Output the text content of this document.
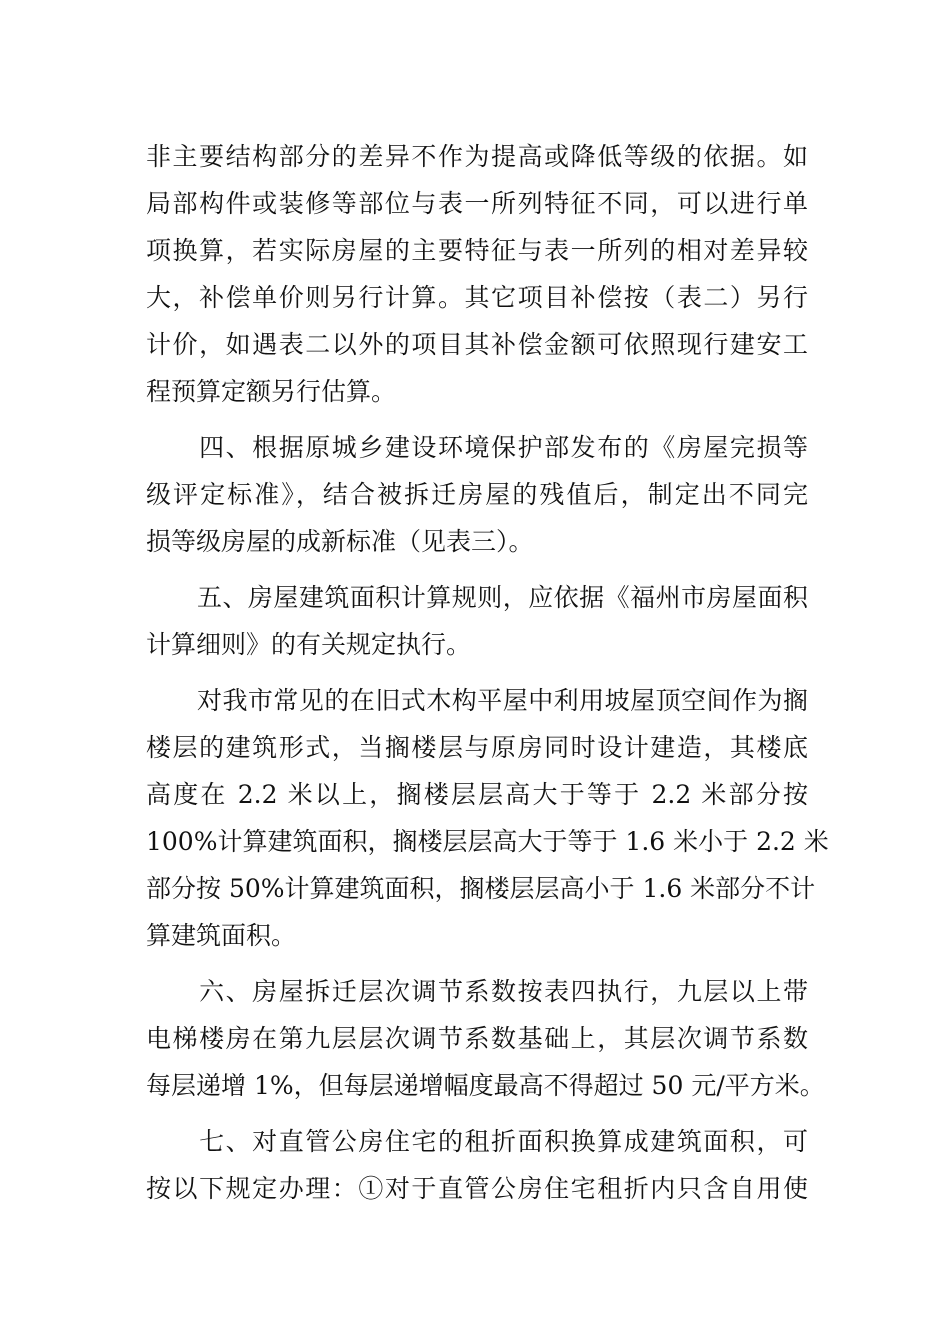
非主要结构部分的差异不作为提高或降低等级的依据。如
局部构件或装修等部位与表一所列特征不同，可以进行单
项换算，若实际房屋的主要特征与表一所列的相对差异较
大，补偿单价则另行计算。其它项目补偿按（表二）另行
计价，如遇表二以外的项目其补偿金额可依照现行建安工
程预算定额另行估算。
　　四、根据原城乡建设环境保护部发布的《房屋完损等
级评定标准》，结合被拆迁房屋的残值后，制定出不同完
损等级房屋的成新标准（见表三）。
　　五、房屋建筑面积计算规则，应依据《福州市房屋面积
计算细则》的有关规定执行。
　　对我市常见的在旧式木构平屋中利用坡屋顶空间作为搁
楼层的建筑形式，当搁楼层与原房同时设计建造，其楼底
高度在 2.2 米以上，搁楼层层高大于等于 2.2 米部分按
100%计算建筑面积，搁楼层层高大于等于 1.6 米小于 2.2 米
部分按 50%计算建筑面积，搁楼层层高小于 1.6 米部分不计
算建筑面积。
　　六、房屋拆迁层次调节系数按表四执行，九层以上带
电梯楼房在第九层层次调节系数基础上，其层次调节系数
每层递增 1%，但每层递增幅度最高不得超过 50 元/平方米。
　　七、对直管公房住宅的租折面积换算成建筑面积，可
按以下规定办理：①对于直管公房住宅租折内只含自用使
